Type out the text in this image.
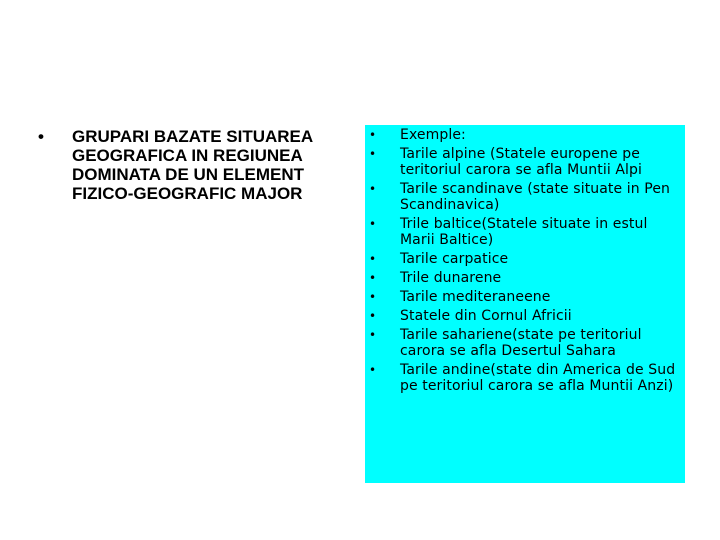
• GRUPARI BAZATE SITUAREA GEOGRAFICA IN REGIUNEA DOMINATA DE UN ELEMENT FIZICO-GEOGRAFIC MAJOR
• Exemple:
• Tarile alpine (Statele europene pe teritoriul carora se afla Muntii Alpi
• Tarile scandinave (state situate in Pen Scandinavica)
• Trile baltice(Statele situate in estul Marii Baltice)
• Tarile carpatice
• Trile dunarene
• Tarile mediteraneene
• Statele din Cornul Africii
• Tarile sahariene(state pe teritoriul carora se afla Desertul Sahara
• Tarile andine(state din America de Sud pe teritoriul carora se afla Muntii Anzi)
